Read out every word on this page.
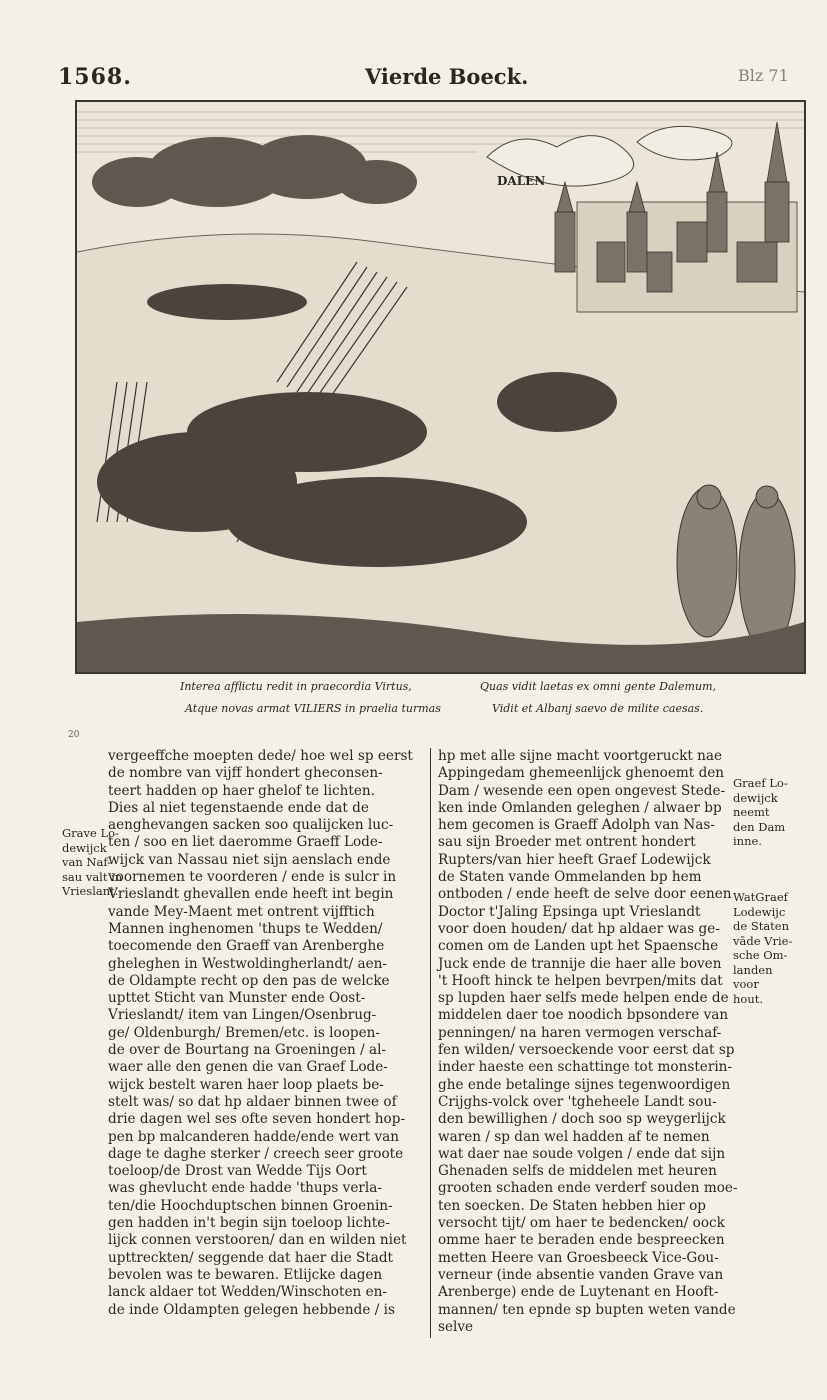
1568.	Vierde Boeck.	Blz 71
DALEN
Interea afflictu redit in praecordia Virtus,
Atque novas armat VILIERS in praelia turmas
Quas vidit laetas ex omni gente Dalemum,
Vidit et Albanj saevo de milite caesas.
20
Grave Lo-
dewijck
van Naf-
sau valt in
Vrieslant.
vergeeffche moepten dede/ hoe wel sp eerst
de nombre van vijff hondert gheconsen-
teert hadden op haer ghelof te lichten.
Dies al niet tegenstaende ende dat de
aenghevangen sacken soo qualijcken luc-
ten / soo en liet daeromme Graeff Lode-
wijck van Nassau niet sijn aenslach ende
voornemen te voorderen / ende is sulcr in
Vrieslandt ghevallen ende heeft int begin
vande Mey-Maent met ontrent vijfftich
Mannen inghenomen 'thups te Wedden/
toecomende den Graeff van Arenberghe
gheleghen in Westwoldingherlandt/ aen-
de Oldampte recht op den pas de welcke
upttet Sticht van Munster ende Oost-
Vrieslandt/ item van Lingen/Osenbrug-
ge/ Oldenburgh/ Bremen/etc. is loopen-
de over de Bourtang na Groeningen / al-
waer alle den genen die van Graef Lode-
wijck bestelt waren haer loop plaets be-
stelt was/ so dat hp aldaer binnen twee of
drie dagen wel ses ofte seven hondert hop-
pen bp malcanderen hadde/ende wert van
dage te daghe sterker / creech seer groote
toeloop/de Drost van Wedde Tijs Oort
was ghevlucht ende hadde 'thups verla-
ten/die Hoochduptschen binnen Groenin-
gen hadden in't begin sijn toeloop lichte-
lijck connen verstooren/ dan en wilden niet
upttreckten/ seggende dat haer die Stadt
bevolen was te bewaren. Etlijcke dagen
lanck aldaer tot Wedden/Winschoten en-
de inde Oldampten gelegen hebbende / is
hp met alle sijne macht voortgeruckt nae
Appingedam ghemeenlijck ghenoemt den
Dam / wesende een open ongevest Stede-
ken inde Omlanden geleghen / alwaer bp
hem gecomen is Graeff Adolph van Nas-
sau sijn Broeder met ontrent hondert
Rupters/van hier heeft Graef Lodewijck
de Staten vande Ommelanden bp hem
ontboden / ende heeft de selve door eenen
Doctor t'Jaling Epsinga upt Vrieslandt
voor doen houden/ dat hp aldaer was ge-
comen om de Landen upt het Spaensche
Juck ende de trannije die haer alle boven
't Hooft hinck te helpen bevrpen/mits dat
sp lupden haer selfs mede helpen ende de
middelen daer toe noodich bpsondere van
penningen/ na haren vermogen verschaf-
fen wilden/ versoeckende voor eerst dat sp
inder haeste een schattinge tot monsterin-
ghe ende betalinge sijnes tegenwoordigen
Crijghs-volck over 'tgheheele Landt sou-
den bewillighen / doch soo sp weygerlijck
waren / sp dan wel hadden af te nemen
wat daer nae soude volgen / ende dat sijn
Ghenaden selfs de middelen met heuren
grooten schaden ende verderf souden moe-
ten soecken. De Staten hebben hier op
versocht tijt/ om haer te bedencken/ oock
omme haer te beraden ende bespreecken
metten Heere van Groesbeeck Vice-Gou-
verneur (inde absentie vanden Grave van
Arenberge) ende de Luytenant en Hooft-
mannen/ ten epnde sp bupten weten vande
selve
Graef Lo-
dewijck
neemt
den Dam
inne.
WatGraef
Lodewijc
de Staten
vāde Vrie-
sche Om-
landen
voor
hout.
